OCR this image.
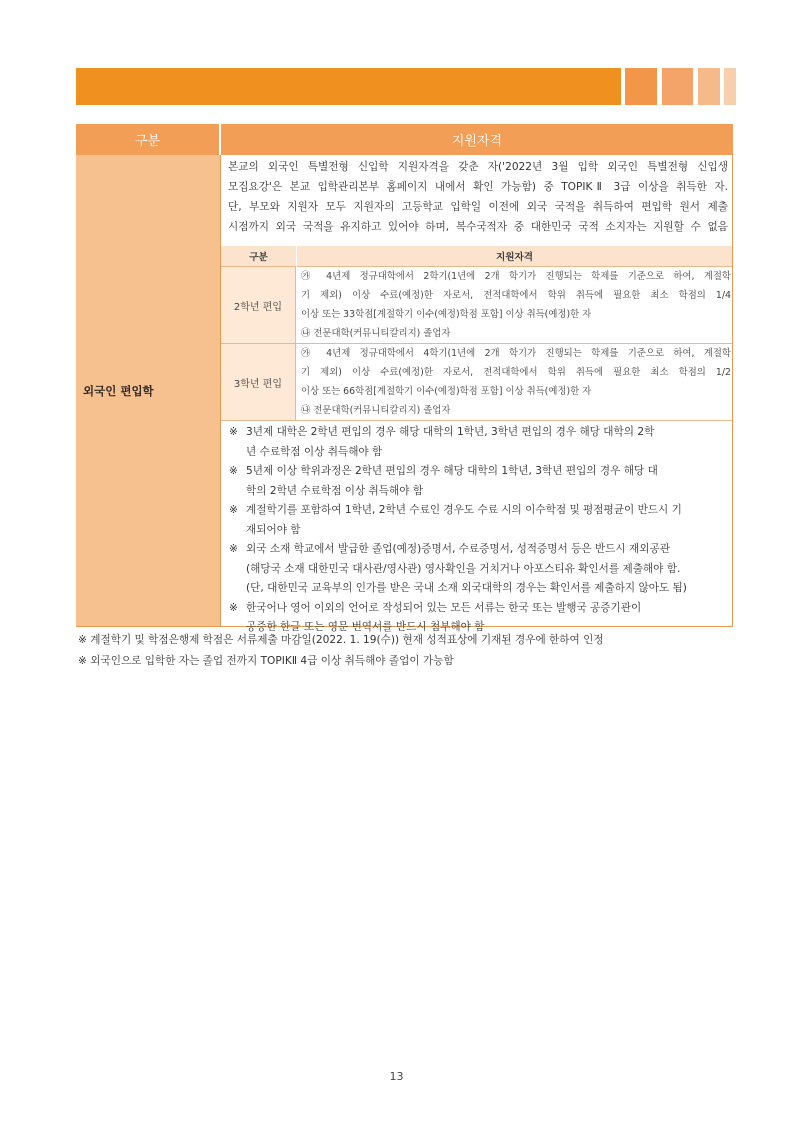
구분	지원자격
외국인 편입학
본교의 외국인 특별전형 신입학 지원자격을 갖춘 자('2022년 3월 입학 외국인 특별전형 신입생
모집요강'은 본교 입학관리본부 홈페이지 내에서 확인 가능함) 중 TOPIKⅡ 3급 이상을 취득한 자.
단, 부모와 지원자 모두 지원자의 고등학교 입학일 이전에 외국 국적을 취득하여 편입학 원서 제출
시점까지 외국 국적을 유지하고 있어야 하며, 복수국적자 중 대한민국 국적 소지자는 지원할 수 없음
구분	지원자격
2학년 편입
㉮ 4년제 정규대학에서 2학기(1년에 2개 학기가 진행되는 학제를 기준으로 하여, 계절학
기 제외) 이상 수료(예정)한 자로서, 전적대학에서 학위 취득에 필요한 최소 학점의 1/4
이상 또는 33학점[계절학기 이수(예정)학점 포함] 이상 취득(예정)한 자
㉯ 전문대학(커뮤니티칼리지) 졸업자
3학년 편입
㉮ 4년제 정규대학에서 4학기(1년에 2개 학기가 진행되는 학제를 기준으로 하여, 계절학
기 제외) 이상 수료(예정)한 자로서, 전적대학에서 학위 취득에 필요한 최소 학점의 1/2
이상 또는 66학점[계절학기 이수(예정)학점 포함] 이상 취득(예정)한 자
㉯ 전문대학(커뮤니티칼리지) 졸업자
※ 3년제 대학은 2학년 편입의 경우 해당 대학의 1학년, 3학년 편입의 경우 해당 대학의 2학
년 수료학점 이상 취득해야 함
※ 5년제 이상 학위과정은 2학년 편입의 경우 해당 대학의 1학년, 3학년 편입의 경우 해당 대
학의 2학년 수료학점 이상 취득해야 함
※ 계절학기를 포함하여 1학년, 2학년 수료인 경우도 수료 시의 이수학점 및 평점평균이 반드시 기
재되어야 함
※ 외국 소재 학교에서 발급한 졸업(예정)증명서, 수료증명서, 성적증명서 등은 반드시 재외공관
(해당국 소재 대한민국 대사관/영사관) 영사확인을 거치거나 아포스티유 확인서를 제출해야 함.
(단, 대한민국 교육부의 인가를 받은 국내 소재 외국대학의 경우는 확인서를 제출하지 않아도 됨)
※ 한국어나 영어 이외의 언어로 작성되어 있는 모든 서류는 한국 또는 발행국 공증기관이
공증한 한글 또는 영문 번역서를 반드시 첨부해야 함
※ 계절학기 및 학점은행제 학점은 서류제출 마감일(2022. 1. 19(수)) 현재 성적표상에 기재된 경우에 한하여 인정
※ 외국인으로 입학한 자는 졸업 전까지 TOPIKⅡ 4급 이상 취득해야 졸업이 가능함
13
